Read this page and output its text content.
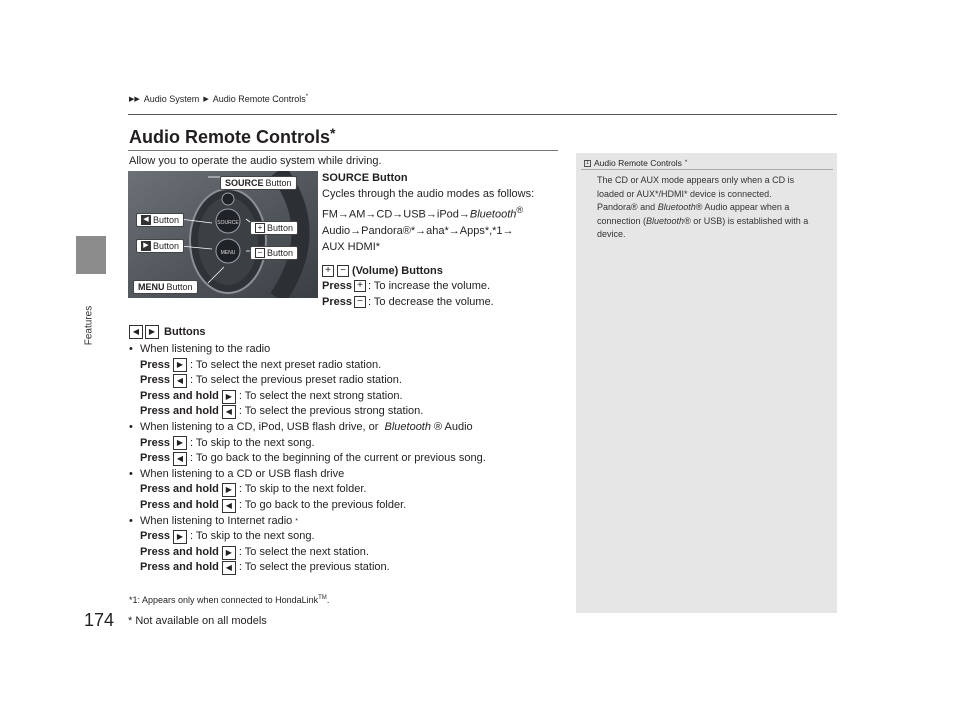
Features
174 * Not available on all models
▶▶ Audio System ▶ Audio Remote Controls*
Audio Remote Controls*
Allow you to operate the audio system while driving.
SOURCE
MENU
SOURCE Button
◀ Button
+ Button
▶ Button
− Button
MENU Button
SOURCE Button
Cycles through the audio modes as follows:
FM→AM→CD→USB→iPod→Bluetooth®
Audio→Pandora®*→aha*→Apps*,*1→
AUX HDMI*
+ − (Volume) Buttons
Press + : To increase the volume.
Press − : To decrease the volume.
◀	▶ Buttons
• When listening to the radio
Press ▶ : To select the next preset radio station.
Press ◀ : To select the previous preset radio station.
Press and hold ▶ : To select the next strong station.
Press and hold ◀ : To select the previous strong station.
• When listening to a CD, iPod, USB flash drive, or Bluetooth ® Audio
Press ▶ : To skip to the next song.
Press ◀ : To go back to the beginning of the current or previous song.
• When listening to a CD or USB flash drive
Press and hold ▶ : To skip to the next folder.
Press and hold ◀ : To go back to the previous folder.
• When listening to Internet radio *
Press ▶ : To skip to the next song.
Press and hold ▶ : To select the next station.
Press and hold ◀ : To select the previous station.
*1: Appears only when connected to HondaLink™.
1 Audio Remote Controls *
The CD or AUX mode appears only when a CD is
loaded or AUX*/HDMI* device is connected.
Pandora® and Bluetooth® Audio appear when a
connection (Bluetooth® or USB) is established with a
device.
